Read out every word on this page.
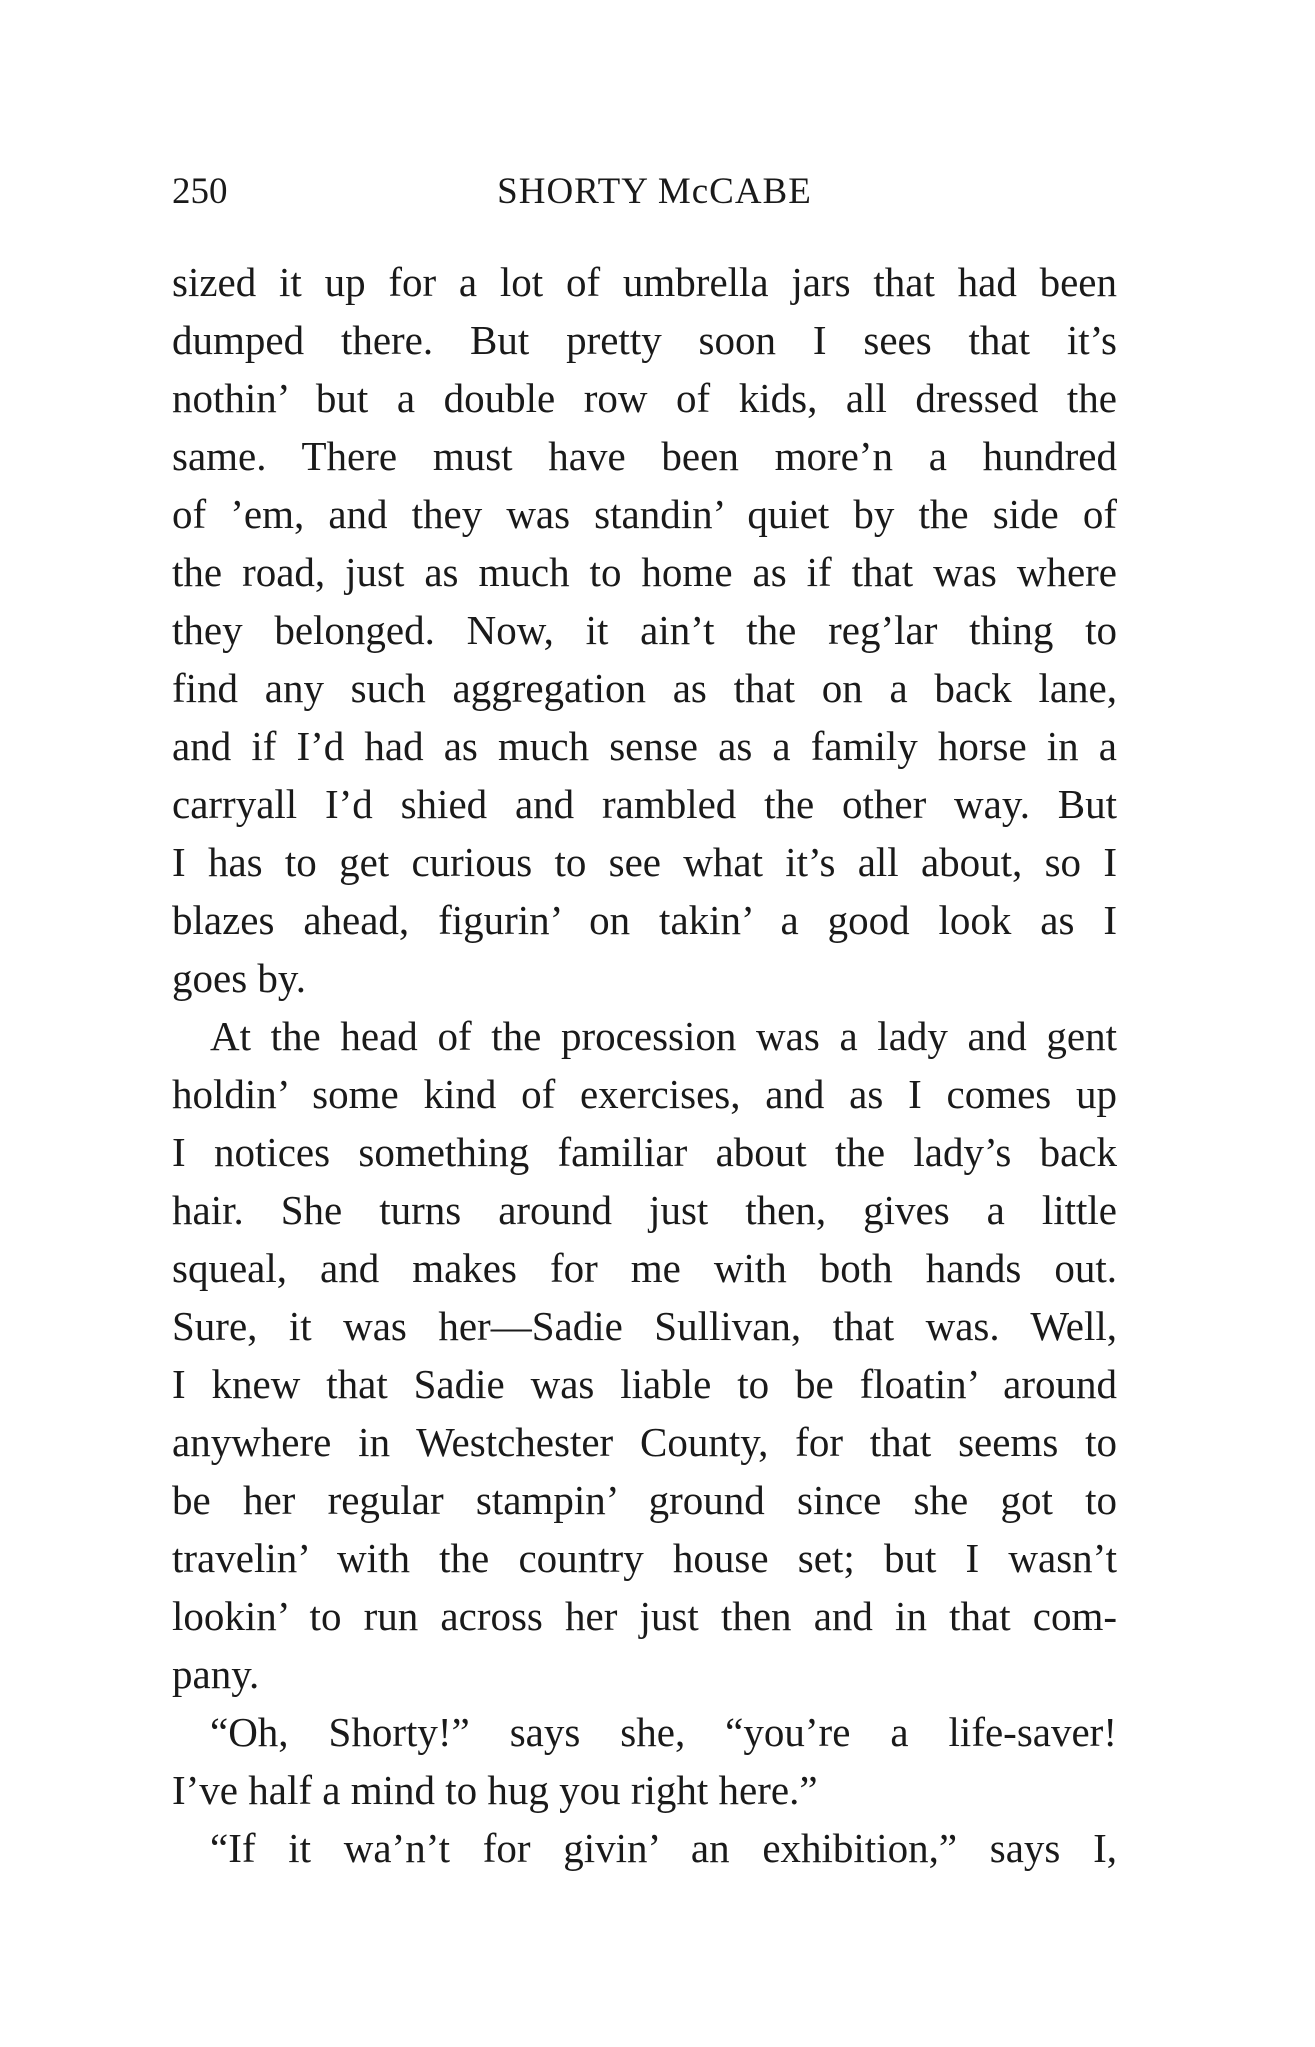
250	SHORTY McCABE
sized it up for a lot of umbrella jars that had been
dumped there. But pretty soon I sees that it’s
nothin’ but a double row of kids, all dressed the
same. There must have been more’n a hundred
of ’em, and they was standin’ quiet by the side of
the road, just as much to home as if that was where
they belonged. Now, it ain’t the reg’lar thing to
find any such aggregation as that on a back lane,
and if I’d had as much sense as a family horse in a
carryall I’d shied and rambled the other way. But
I has to get curious to see what it’s all about, so I
blazes ahead, figurin’ on takin’ a good look as I
goes by.
At the head of the procession was a lady and gent
holdin’ some kind of exercises, and as I comes up
I notices something familiar about the lady’s back
hair. She turns around just then, gives a little
squeal, and makes for me with both hands out.
Sure, it was her—Sadie Sullivan, that was. Well,
I knew that Sadie was liable to be floatin’ around
anywhere in Westchester County, for that seems to
be her regular stampin’ ground since she got to
travelin’ with the country house set; but I wasn’t
lookin’ to run across her just then and in that com-
pany.
“Oh, Shorty!” says she, “you’re a life-saver!
I’ve half a mind to hug you right here.”
“If it wa’n’t for givin’ an exhibition,” says I,
